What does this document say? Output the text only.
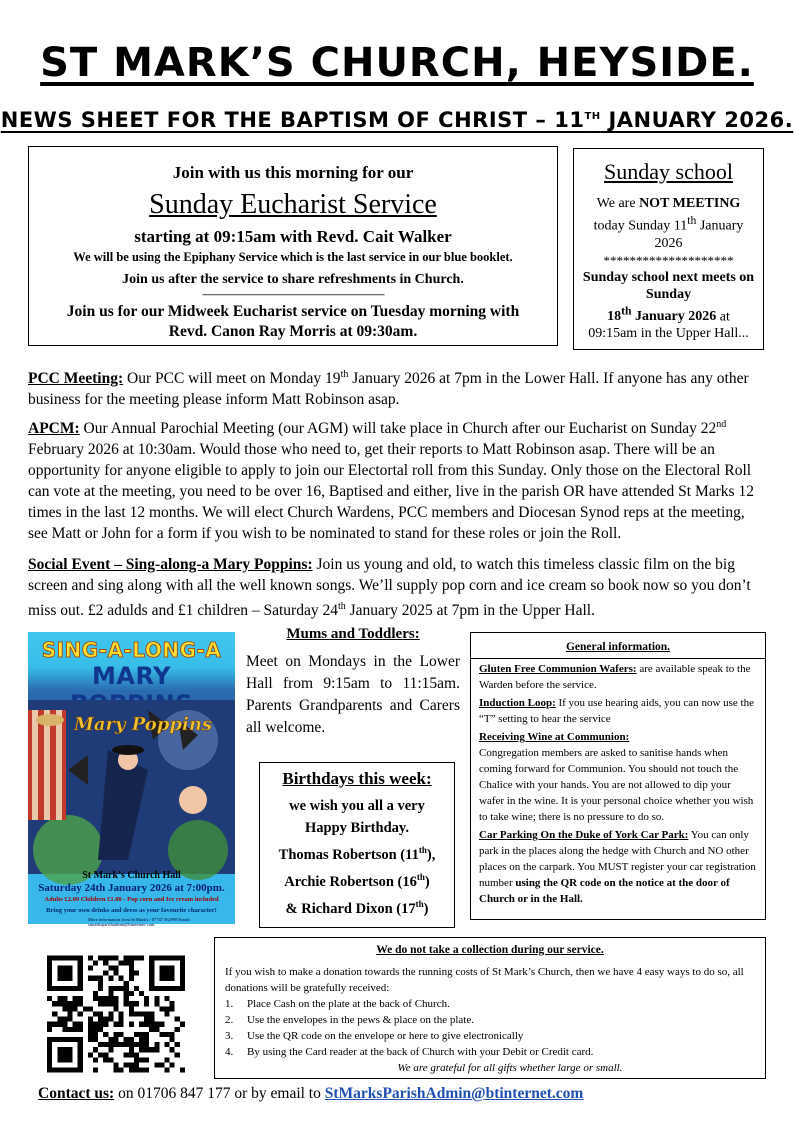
ST MARK’S CHURCH, HEYSIDE.
NEWS SHEET FOR THE BAPTISM OF CHRIST – 11TH JANUARY 2026.
Join with us this morning for our
Sunday Eucharist Service
starting at 09:15am with Revd. Cait Walker
We will be using the Epiphany Service which is the last service in our blue booklet.
Join us after the service to share refreshments in Church.
-------------------------------------------------------------------------------------------
Join us for our Midweek Eucharist service on Tuesday morning with
Revd. Canon Ray Morris at 09:30am.
Sunday school

We are NOT MEETING
today Sunday 11th January 2026

********************

Sunday school next meets on Sunday
18th January 2026 at
09:15am in the Upper Hall...

PCC Meeting: Our PCC will meet on Monday 19th January 2026 at 7pm in the Lower Hall. If anyone has any other business for the meeting please inform Matt Robinson asap.
APCM: Our Annual Parochial Meeting (our AGM) will take place in Church after our Eucharist on Sunday 22nd February 2026 at 10:30am. Would those who need to, get their reports to Matt Robinson asap. There will be an opportunity for anyone eligible to apply to join our Electortal roll from this Sunday. Only those on the Electoral Roll can vote at the meeting, you need to be over 16, Baptised and either, live in the parish OR have attended St Marks 12 times in the last 12 months. We will elect Church Wardens, PCC members and Diocesan Synod reps at the meeting, see Matt or John for a form if you wish to be nominated to stand for these roles or join the Roll.
Social Event – Sing-along-a Mary Poppins: Join us young and old, to watch this timeless classic film on the big screen and sing along with all the well known songs. We’ll supply pop corn and ice cream so book now so you don’t miss out. £2 adulds and £1 children – Saturday 24th January 2025 at 7pm in the Upper Hall.
SING-A-LONG-A
MARY
Mary Poppins
St Mark’s Church Hall
Saturday 24th January 2026 at 7:00pm.
Adults £2.00 Children £1.00 - Pop corn and Ice cream included
Bring your own drinks and dress as your favourite character!
More information from St Mark's / 07747 562998 Email: stmarksparishadmin@btinternet.com
Mums and Toddlers:

Meet on Mondays in the Lower Hall from 9:15am to 11:15am. Parents Grandparents and Carers all welcome.

Birthdays this week:

we wish you all a very
Happy Birthday.
Thomas Robertson (11th),
Archie Robertson (16th)
& Richard Dixon (17th)

General information.
Gluten Free Communion Wafers: are available speak to the Warden before the service.
Induction Loop: If you use hearing aids, you can now use the “T” setting to hear the service
Receiving Wine at Communion:
Congregation members are asked to sanitise hands when coming forward for Communion. You should not touch the Chalice with your hands. You are not allowed to dip your wafer in the wine. It is your personal choice whether you wish to take wine; there is no pressure to do so.
Car Parking On the Duke of York Car Park: You can only park in the places along the hedge with Church and NO other places on the carpark. You MUST register your car registration number using the QR code on the notice at the door of Church or in the Hall.
We do not take a collection during our service.
If you wish to make a donation towards the running costs of St Mark’s Church, then we have 4 easy ways to do so, all donations will be gratefully received:
1.	Place Cash on the plate at the back of Church.
2.	Use the envelopes in the pews & place on the plate.
3.	Use the QR code on the envelope or here to give electronically
4.	By using the Card reader at the back of Church with your Debit or Credit card.
We are grateful for all gifts whether large or small.
Contact us: on 01706 847 177 or by email to StMarksParishAdmin@btinternet.com
